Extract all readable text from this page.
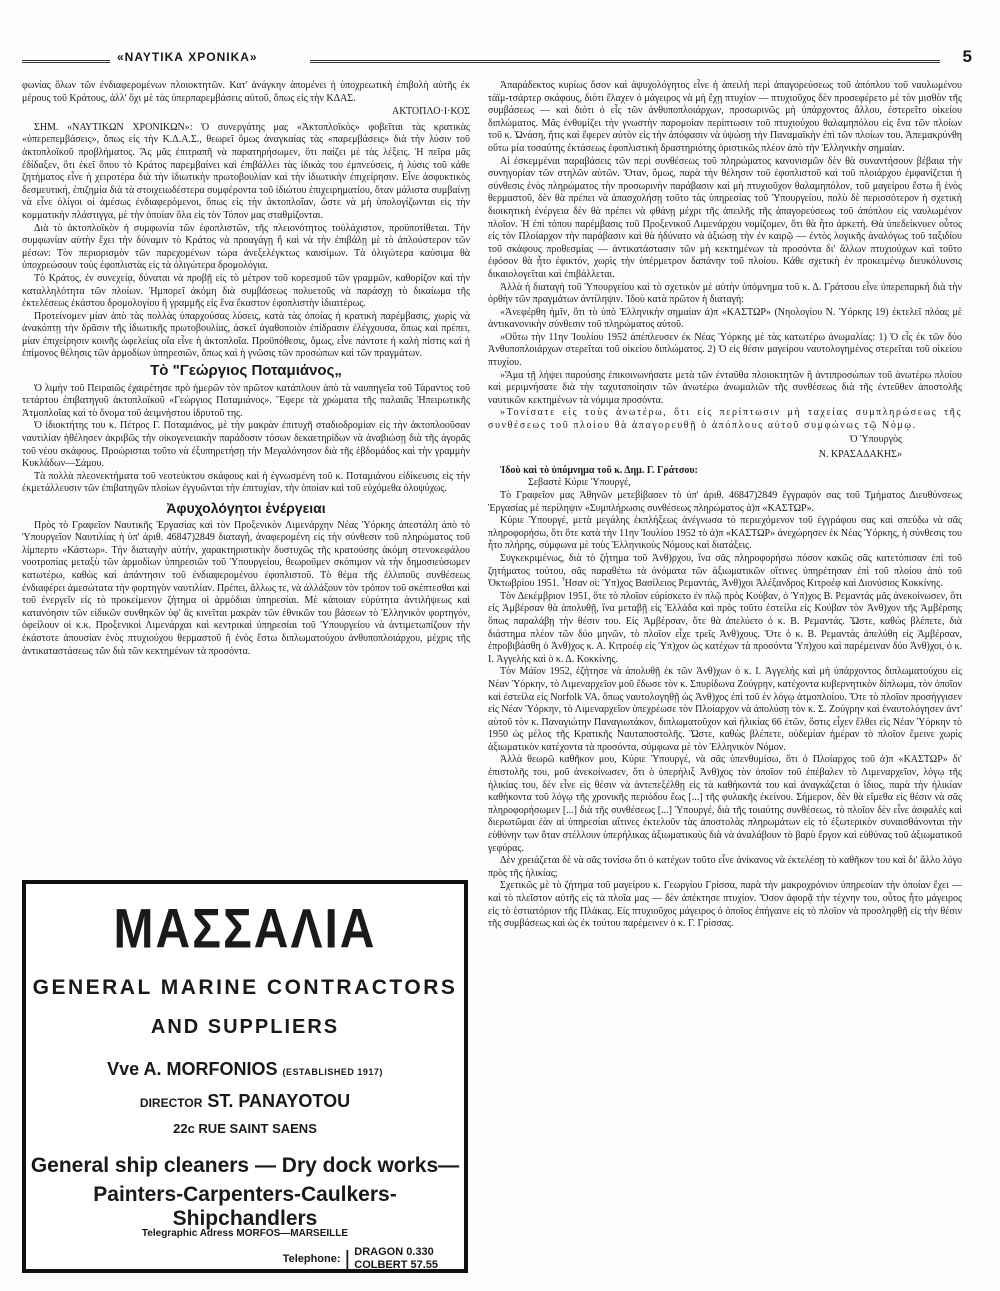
«ΝΑΥΤΙΚΑ ΧΡΟΝΙΚΑ»	5

φωνίας ὅλων τῶν ἐνδιαφερομένων πλοιοκτητῶν. Κατ' ἀνάγκην ἀπομένει ἡ ὑποχρεωτικὴ ἐπιβολὴ αὐτῆς ἐκ μέρους τοῦ Κράτους, ἀλλ' ὄχι μὲ τὰς ὑπερπαρεμβάσεις αὐτοῦ, ὅπως εἰς τὴν ΚΔΑΣ.

ΑΚΤΟΠΛΟ·Ι·ΚΟΣ

ΣΗΜ. «ΝΑΥΤΙΚΩΝ ΧΡΟΝΙΚΩΝ»: Ὁ συνεργάτης μας «Ἀκτοπλοϊκὸς» φοβεῖται τὰς κρατικὰς «ὑπερεπεμβάσεις», ὅπως εἰς τὴν Κ.Δ.Α.Σ., θεωρεῖ ὅμως ἀναγκαίας τὰς «παρεμβάσεις» διὰ τὴν λύσιν τοῦ ἀκτοπλοϊκοῦ προβλήματος. Ἂς μᾶς ἐπιτραπῆ νὰ παρατηρήσωμεν, ὅτι παίζει μὲ τὰς λέξεις. Ἡ πεῖρα μᾶς ἐδίδαξεν, ὅτι ἐκεῖ ὅπου τὸ Κράτος παρεμβαίνει καὶ ἐπιβάλλει τὰς ἰδικάς του ἐμπνεύσεις, ἡ λύσις τοῦ κάθε ζητήματος εἶνε ἡ χειροτέρα διὰ τὴν ἰδιωτικὴν πρωτοβουλίαν καὶ τὴν ἰδιωτικὴν ἐπιχείρησιν. Εἶνε ἀσφυκτικὸς δεσμευτική, ἐπιζημία διὰ τὰ στοιχειωδέστερα συμφέροντα τοῦ ἰδιώτου ἐπιχειρηματίου, ὅταν μάλιστα συμβαίνῃ νὰ εἶνε ὀλίγοι οἱ ἀμέσως ἐνδιαφερόμενοι, ὅπως εἰς τὴν ἀκτοπλοΐαν, ὥστε νὰ μὴ ὑπολογίζωνται εἰς τὴν κομματικὴν πλάστιγγα, μὲ τὴν ὁποίαν ὅλα εἰς τὸν Τόπον μας σταθμίζονται.

Διὰ τὸ ἀκτοπλοϊκὸν ἡ συμφωνία τῶν ἐφοπλιστῶν, τῆς πλειονότητος τοὐλάχιστον, προϋποτίθεται. Τὴν συμφωνίαν αὐτὴν ἔχει τὴν δύναμιν τὸ Κράτος νὰ προαγάγῃ ἢ καὶ νὰ τὴν ἐπιβάλῃ μὲ τὸ ἁπλούστερον τῶν μέσων: Τὸν περιορισμὸν τῶν παρεχομένων τώρα ἀνεξελέγκτως καυσίμων. Τὰ ὀλιγώτερα καύσιμα θὰ ὑποχρεώσουν τοὺς ἐφοπλιστὰς εἰς τὰ ὀλιγώτερα δρομολόγια.

Τὸ Κράτος, ἐν συνεχείᾳ, δύναται νὰ προβῇ εἰς τὸ μέτρον τοῦ κορεσμοῦ τῶν γραμμῶν, καθορίζον καὶ τὴν καταλληλότητα τῶν πλοίων. Ἠμπορεῖ ἀκόμη διὰ συμβάσεως πολυετοῦς νὰ παράσχῃ τὸ δικαίωμα τῆς ἐκτελέσεως ἑκάστου δρομολογίου ἢ γραμμῆς εἰς ἕνα ἕκαστον ἐφοπλιστὴν ἰδιαιτέρως.

Προτείνομεν μίαν ἀπὸ τὰς πολλὰς ὑπαρχούσας λύσεις, κατὰ τὰς ὁποίας ἡ κρατικὴ παρέμβασις, χωρὶς νὰ ἀνακόπτῃ τὴν δρᾶσιν τῆς ἰδιωτικῆς πρωτοβουλίας, ἀσκεῖ ἀγαθοποιὸν ἐπίδρασιν ἐλέγχουσα, ὅπως καὶ πρέπει, μίαν ἐπιχείρησιν κοινῆς ὠφελείας οἵα εἶνε ἡ ἀκτοπλοΐα. Προϋπόθεσις, ὅμως, εἶνε πάντοτε ἡ καλὴ πίστις καὶ ἡ ἐπίμονος θέλησις τῶν ἁρμοδίων ὑπηρεσιῶν, ὅπως καὶ ἡ γνῶσις τῶν προσώπων καὶ τῶν πραγμάτων.

Τὸ "Γεώργιος Ποταμιάνος„

Ὁ λιμὴν τοῦ Πειραιῶς ἐχαιρέτησε πρὸ ἡμερῶν τὸν πρῶτον κατάπλουν ἀπὸ τὰ ναυπηγεῖα τοῦ Τάραντος τοῦ τετάρτου ἐπιβατηγοῦ ἀκτοπλοϊκοῦ «Γεώργιος Ποταμιάνος». Ἔφερε τὰ χρώματα τῆς παλαιᾶς Ἠπειρωτικῆς Ἀτμοπλοΐας καὶ τὸ ὄνομα τοῦ ἀειμνήστου ἱδρυτοῦ της.

Ὁ ἰδιοκτήτης του κ. Πέτρος Γ. Ποταμιάνος, μὲ τὴν μακρὰν ἐπιτυχῆ σταδιοδρομίαν εἰς τὴν ἀκτοπλοοῦσαν ναυτιλίαν ἠθέλησεν ἀκριβῶς τὴν οἰκογενειακὴν παράδοσιν τόσων δεκαετηρίδων νὰ ἀναβιώσῃ διὰ τῆς ἀγορᾶς τοῦ νέου σκάφους. Προώρισται τοῦτο νὰ ἐξυπηρετήσῃ τὴν Μεγαλόνησον διὰ τῆς ἑβδομάδος καὶ τὴν γραμμὴν Κυκλάδων—Σάμου.

Τὰ πολλὰ πλεονεκτήματα τοῦ νεοτεύκτου σκάφους καὶ ἡ ἐγνωσμένη τοῦ κ. Ποταμιάνου εἰδίκευσις εἰς τὴν ἐκμετάλλευσιν τῶν ἐπιβατηγῶν πλοίων ἐγγυῶνται τὴν ἐπιτυχίαν, τὴν ὁποίαν καὶ τοῦ εὐχόμεθα ὁλοψύχως.

Ἀφυχολόγητοι ἐνέργειαι

Πρὸς τὸ Γραφεῖον Ναυτικῆς Ἐργασίας καὶ τὸν Προξενικὸν Λιμενάρχην Νέας Ὑόρκης ἀπεστάλη ἀπὸ τὸ Ὑπουργεῖον Ναυτιλίας ἡ ὑπ' ἀριθ. 46847)2849 διαταγή, ἀναφερομένη εἰς τὴν σύνθεσιν τοῦ πληρώματος τοῦ λίμπερτυ «Κάστωρ». Τὴν διαταγὴν αὐτήν, χαρακτηριστικὴν δυστυχῶς τῆς κρατούσης ἀκόμη στενοκεφάλου νοοτροπίας μεταξὺ τῶν ἁρμοδίων ὑπηρεσιῶν τοῦ Ὑπουργείου, θεωροῦμεν σκόπιμον νὰ τὴν δημοσιεύσωμεν κατωτέρω, καθὼς καὶ ἀπάντησιν τοῦ ἐνδιαφερομένου ἐφοπλιστοῦ. Τὸ θέμα τῆς ἐλλιποῦς συνθέσεως ἐνδιαφέρει ἀμεσώτατα τὴν φορτηγὸν ναυτιλίαν. Πρέπει, ἄλλως τε, νὰ ἀλλάξουν τὸν τρόπον τοῦ σκέπτεσθαι καὶ τοῦ ἐνεργεῖν εἰς τὸ προκείμενον ζήτημα οἱ ἁρμόδιαι ὑπηρεσίαι. Μὲ κάποιαν εὐρύτητα ἀντιλήψεως καὶ κατανόησιν τῶν εἰδικῶν συνθηκῶν ὑφ' ἃς κινεῖται μακρὰν τῶν ἐθνικῶν του βάσεων τὸ Ἑλληνικὸν φορτηγόν, ὀφείλουν οἱ κ.κ. Προξενικοὶ Λιμενάρχαι καὶ κεντρικαὶ ὑπηρεσίαι τοῦ Ὑπουργείου νὰ ἀντιμετωπίζουν τὴν ἑκάστοτε ἀπουσίαν ἑνὸς πτυχιούχου θερμαστοῦ ἢ ἑνὸς ἔστω διπλωματούχου ἀνθυποπλοιάρχου, μέχρις τῆς ἀντικαταστάσεως τῶν διὰ τῶν κεκτημένων τὰ προσόντα.

ΜΑΣΣΑΛΙΑ
GENERAL MARINE CONTRACTORS
AND SUPPLIERS
Vve A. MORFONIOS (ESTABLISHED 1917)
DIRECTOR ST. PANAYOTOU
22c RUE SAINT SAENS
General ship cleaners — Dry dock works—
Painters-Carpenters-Caulkers-Shipchandlers
Telegraphic Adress MORFOS—MARSEILLE
Telephone: | DRAGON 0.330
COLBERT 57.55

Ἀπαράδεκτος κυρίως ὅσον καὶ ἀψυχολόγητος εἶνε ἡ ἀπειλὴ περὶ ἀπαγορεύσεως τοῦ ἀπόπλου τοῦ ναυλωμένου τάϊμ-τσάρτερ σκάφους, διότι ἔλαχεν ὁ μάγειρος νὰ μὴ ἔχῃ πτυχίον — πτυχιοῦχος δὲν προσεφέρετο μὲ τὸν μισθὸν τῆς συμβάσεως — καὶ διότι ὁ εἷς τῶν ἀνθυποπλοιάρχων, προσωρινῶς μὴ ὑπάρχοντος ἄλλου, ἐστερεῖτο οἰκείου διπλώματος. Μᾶς ἐνθυμίζει τὴν γνωστὴν παρομοίαν περίπτωσιν τοῦ πτυχιούχου θαλαμηπόλου εἰς ἕνα τῶν πλοίων τοῦ κ. Ὠνάση, ἥτις καὶ ἔφερεν αὐτὸν εἰς τὴν ἀπόφασιν νὰ ὑψώσῃ τὴν Παναμαϊκὴν ἐπὶ τῶν πλοίων του. Ἀπεμακρύνθη οὕτω μία τοσαύτης ἐκτάσεως ἐφοπλιστικὴ δραστηριότης ὁριστικῶς πλέον ἀπὸ τὴν Ἑλληνικὴν σημαίαν.

Αἱ ἐσκεμμέναι παραβάσεις τῶν περὶ συνθέσεως τοῦ πληρώματος κανονισμῶν δὲν θὰ συναντήσουν βέβαια τὴν συνηγορίαν τῶν στηλῶν αὐτῶν. Ὅταν, ὅμως, παρὰ τὴν θέλησιν τοῦ ἐφοπλιστοῦ καὶ τοῦ πλοιάρχου ἐμφανίζεται ἡ σύνθεσις ἑνὸς πληρώματος τὴν προσωρινὴν παράβασιν καὶ μὴ πτυχιοῦχον θαλαμηπόλον, τοῦ μαγείρου ἔστω ἢ ἑνὸς θερμαστοῦ, δὲν θὰ πρέπει νὰ ἀπασχολήσῃ τοῦτο τὰς ὑπηρεσίας τοῦ Ὑπουργείου, πολὺ δὲ περισσότερον ἡ σχετικὴ διοικητικὴ ἐνέργεια δὲν θὰ πρέπει νὰ φθάνῃ μέχρι τῆς ἀπειλῆς τῆς ἀπαγορεύσεως τοῦ ἀπόπλου εἰς ναυλωμένον πλοῖον. Ἡ ἐπὶ τόπου παρέμβασις τοῦ Προξενικοῦ Λιμενάρχου νομίζομεν, ὅτι θὰ ἦτο ἀρκετή. Θὰ ὑπεδείκνυεν οὗτος εἰς τὸν Πλοίαρχον τὴν παράβασιν καὶ θὰ ἠδύνατο νὰ ἀξιώσῃ τὴν ἐν καιρῷ — ἐντὸς λογικῆς ἀναλόγως τοῦ ταξιδίου τοῦ σκάφους προθεσμίας — ἀντικατάστασιν τῶν μὴ κεκτημένων τὰ προσόντα δι' ἄλλων πτυχιούχων καὶ τοῦτο ἐφόσον θὰ ἦτο ἐφικτόν, χωρὶς τὴν ὑπέρμετρον δαπάνην τοῦ πλοίου. Κάθε σχετικὴ ἐν προκειμένῳ διευκόλυνσις δικαιολογεῖται καὶ ἐπιβάλλεται.

Ἀλλὰ ἡ διαταγὴ τοῦ Ὑπουργείου καὶ τὸ σχετικὸν μὲ αὐτὴν ὑπόμνημα τοῦ κ. Δ. Γράτσου εἶνε ὑπερεπαρκὴ διὰ τὴν ὀρθὴν τῶν πραγμάτων ἀντίληψιν. Ἰδοὺ κατὰ πρῶτον ἡ διαταγή:

«Ἀνεφέρθη ἡμῖν, ὅτι τὸ ὑπὸ Ἑλληνικὴν σημαίαν ἀ)π «ΚΑΣΤΩΡ» (Νηολογίου Ν. Ὑόρκης 19) ἐκτελεῖ πλόας μὲ ἀντικανονικὴν σύνθεσιν τοῦ πληρώματος αὐτοῦ.

»Οὕτω τὴν 11ην Ἰουλίου 1952 ἀπέπλευσεν ἐκ Νέας Ὑόρκης μὲ τὰς κατωτέρω ἀνωμαλίας: 1) Ὁ εἷς ἐκ τῶν δύο Ἀνθυποπλοιάρχων στερεῖται τοῦ οἰκείου διπλώματος. 2) Ὁ εἰς θέσιν μαγείρου ναυτολογημένος στερεῖται τοῦ οἰκείου πτυχίου.

»Ἅμα τῇ λήψει παρούσης ἐπικοινωνήσατε μετὰ τῶν ἐνταῦθα πλοιοκτητῶν ἢ ἀντιπροσώπων τοῦ ἀνωτέρω πλοίου καὶ μεριμνήσατε διὰ τὴν ταχυτοποίησιν τῶν ἀνωτέρω ἀνωμαλιῶν τῆς συνθέσεως διὰ τῆς ἐντεῦθεν ἀποστολῆς ναυτικῶν κεκτημένων τὰ νόμιμα προσόντα.

»Τονίσατε εἰς τοὺς ἀνωτέρω, ὅτι εἰς περίπτωσιν μὴ ταχείας συμπληρώσεως τῆς συνθέσεως τοῦ πλοίου θὰ ἀπαγορευθῇ ὁ ἀπόπλους αὐτοῦ συμφώνως τῷ Νόμῳ.

Ὁ Ὑπουργὸς
Ν. ΚΡΑΣΑΔΑΚΗΣ»

Ἰδοὺ καὶ τὸ ὑπόμνημα τοῦ κ. Δημ. Γ. Γράτσου:

Σεβαστὲ Κύριε Ὑπουργέ,

Τὸ Γραφεῖον μας Ἀθηνῶν μετεβίβασεν τὸ ὑπ' ἀριθ. 46847)2849 ἔγγραφόν σας τοῦ Τμήματος Διευθύνσεως Ἐργασίας μὲ περίληψιν «Συμπλήρωσις συνθέσεως πληρώματος ἀ)π «ΚΑΣΤΩΡ».

Κύριε Ὑπουργέ, μετὰ μεγάλης ἐκπλήξεως ἀνέγνωσα τὸ περιεχόμενον τοῦ ἐγγράφου σας καὶ σπεύδω νὰ σᾶς πληροφορήσω, ὅτι ὅτε κατὰ τὴν 11ην Ἰουλίου 1952 τὸ ἀ)π «ΚΑΣΤΩΡ» ἀνεχώρησεν ἐκ Νέας Ὑόρκης, ἡ σύνθεσις του ἦτο πλήρης, σύμφωνα μὲ τοὺς Ἑλληνικοὺς Νόμους καὶ διατάξεις.

Συγκεκριμένως, διὰ τὸ ζήτημα τοῦ Ἀνθ)ρχου, ἵνα σᾶς πληροφορήσω πόσον κακῶς σᾶς κατετόπισαν ἐπὶ τοῦ ζητήματος τούτου, σᾶς παραθέτω τὰ ὀνόματα τῶν ἀξιωματικῶν οἵτινες ὑπηρέτησαν ἐπὶ τοῦ πλοίου ἀπὸ τοῦ Ὀκτωβρίου 1951. Ἦσαν οἱ: Ὑπ)χος Βασίλειος Ρεμαντάς, Ἀνθ)χοι Ἀλέξανδρος Κιτροέφ καὶ Διονύσιος Κοκκίνης.

Τὸν Δεκέμβριον 1951, ὅτε τὸ πλοῖον εὑρίσκετο ἐν πλῷ πρὸς Κούβαν, ὁ Ὑπ)χος Β. Ρεμαντάς μᾶς ἀνεκοίνωσεν, ὅτι εἰς Ἀμβέρσαν θὰ ἀπολυθῇ, ἵνα μεταβῇ εἰς Ἑλλάδα καὶ πρὸς τοῦτο ἐστείλα εἰς Κούβαν τὸν Ἀνθ)χον τῆς Ἀμβέρσης ὅπως παραλάβῃ τὴν θέσιν του. Εἰς Ἀμβέρσαν, ὅτε θὰ ἀπελύετο ὁ κ. Β. Ρεμαντάς. Ὥστε, καθὼς βλέπετε, διὰ διάστημα πλέον τῶν δύο μηνῶν, τὸ πλοῖον εἶχε τρεῖς Ἀνθ)χους. Ὅτε ὁ κ. Β. Ρεμαντάς ἀπελύθη εἰς Ἀμβέρσαν, ἐπροβιβάσθη ὁ Ἀνθ)χος κ. Α. Κιτροέφ εἰς Ὑπ)χον ὡς κατέχων τὰ προσόντα Ὑπ)χου καὶ παρέμειναν δύο Ἀνθ)χοι, ὁ κ. Ι. Ἀγγελὴς καὶ ὁ κ. Δ. Κοκκίνης.

Τὸν Μάϊον 1952, ἐζήτησε νὰ ἀπολυθῇ ἐκ τῶν Ἀνθ)χων ὁ κ. Ι. Ἀγγελής καὶ μὴ ὑπάρχοντος διπλωματούχου εἰς Νέαν Ὑόρκην, τὸ Λιμεναρχεῖον μοῦ ἔδωσε τὸν κ. Σπυρίδωνα Ζούγρην, κατέχοντα κυβερνητικὸν δίπλωμα, τὸν ὁποῖον καὶ ἐστείλα εἰς Norfolk VA. ὅπως ναυτολογηθῇ ὡς Ἀνθ)χος ἐπὶ τοῦ ἐν λόγῳ ἀτμοπλοίου. Ὅτε τὸ πλοῖον προσήγγισεν εἰς Νέαν Ὑόρκην, τὸ Λιμεναρχεῖον ὑπεχρέωσε τὸν Πλοίαρχον νὰ ἀπολύσῃ τὸν κ. Σ. Ζούγρην καὶ ἐναυτολόγησεν ἀντ' αὐτοῦ τὸν κ. Παναγιώτην Παναγιωτάκον, διπλωματοῦχον καὶ ἡλικίας 66 ἐτῶν, ὅστις εἶχεν ἔλθει εἰς Νέαν Ὑόρκην τὸ 1950 ὡς μέλος τῆς Κρατικῆς Ναυταποστολῆς. Ὥστε, καθὼς βλέπετε, οὐδεμίαν ἡμέραν τὸ πλοῖον ἔμεινε χωρὶς ἀξιωματικὸν κατέχοντα τὰ προσόντα, σύμφωνα μὲ τὸν Ἑλληνικὸν Νόμον.

Ἀλλὰ θεωρῶ καθῆκον μου, Κύριε Ὑπουργέ, νὰ σᾶς ὑπενθυμίσω, ὅτι ὁ Πλοίαρχος τοῦ ἀ)π «ΚΑΣΤΩΡ» δι' ἐπιστολῆς του, μοῦ ἀνεκοίνωσεν, ὅτι ὁ ὑπερήλιξ Ἀνθ)χος τὸν ὁποῖον τοῦ ἐπέβαλεν τὸ Λιμεναρχεῖον, λόγῳ τῆς ἡλικίας του, δὲν εἶνε εἰς θέσιν νὰ ἀντεπεξέλθῃ εἰς τὰ καθήκοντά του καὶ ἀναγκάζεται ὁ ἴδιος, παρὰ τὴν ἡλικίαν καθήκοντα τοῦ λόγῳ τῆς χρονικῆς περιόδου ἕως [...] τῆς φυλακῆς ἐκείνου. Σήμερον, δὲν θὰ εἴμεθα εἰς θέσιν νὰ σᾶς πληροφορήσωμεν [...] διὰ τῆς συνθέσεως [...] Ὑπουργέ, διὰ τῆς τοιαύτης συνθέσεως, τὸ πλοῖον δὲν εἶνε ἀσφαλὲς καὶ διερωτῶμαι ἐὰν αἱ ὑπηρεσίαι αἵτινες ἐκτελοῦν τὰς ἀποστολὰς πληρωμάτων εἰς τὸ ἐξωτερικὸν συναισθάνονται τὴν εὐθύνην των ὅταν στέλλουν ὑπερήλικας ἀξιωματικοὺς διὰ νὰ ἀναλάβουν τὸ βαρὺ ἔργον καὶ εὐθύνας τοῦ ἀξιωματικοῦ γεφύρας.

Δὲν χρειάζεται δὲ νὰ σᾶς τονίσω ὅτι ὁ κατέχων τοῦτο εἶνε ἀνίκανος νὰ ἐκτελέσῃ τὸ καθῆκον του καὶ δι' ἄλλο λόγο πρὸς τῆς ἡλικίας;

Σχετικῶς μὲ τὸ ζήτημα τοῦ μαγείρου κ. Γεωργίου Γρίσσα, παρὰ τὴν μακροχρόνιον ὑπηρεσίαν τὴν ὁποίαν ἔχει — καὶ τὸ πλεῖστον αὐτῆς εἰς τὰ πλοῖα μας — δὲν ἀπέκτησε πτυχίον. Ὅσον ἀφορᾷ τὴν τέχνην του, οὗτος ἦτο μάγειρος εἰς τὸ ἑστιατόριον τῆς Πλάκας. Εἰς πτυχιοῦχος μάγειρος ὁ ὁποῖος ἐπήγαινε εἰς τὸ πλοῖον νὰ προσληφθῇ εἰς τὴν θέσιν τῆς συμβάσεως καὶ ὡς ἐκ τούτου παρέμεινεν ὁ κ. Γ. Γρίσσας.
